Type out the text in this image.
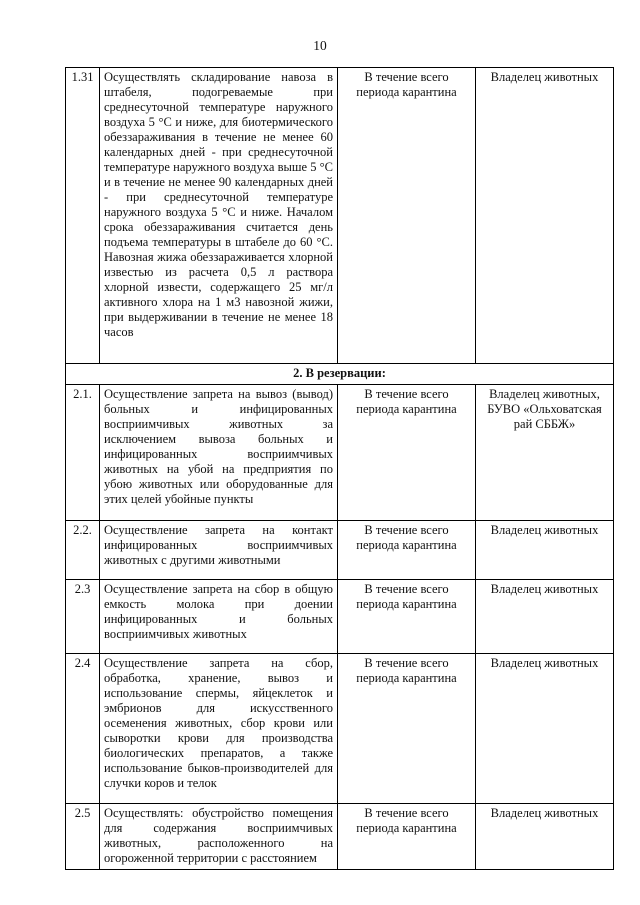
10
1.31	Осуществлять складирование навоза в штабеля, подогреваемые при среднесуточной температуре наружного воздуха 5 °С и ниже, для биотермического обеззараживания в течение не менее 60 календарных дней - при среднесуточной температуре наружного воздуха выше 5 °С и в течение не менее 90 календарных дней - при среднесуточной температуре наружного воздуха 5 °С и ниже. Началом срока обеззараживания считается день подъема температуры в штабеле до 60 °С. Навозная жижа обеззараживается хлорной известью из расчета 0,5 л раствора хлорной извести, содержащего 25 мг/л активного хлора на 1 м3 навозной жижи, при выдерживании в течение не менее 18 часов	В течение всего периода карантина	Владелец животных
2. В резервации:			
2.1.	Осуществление запрета на вывоз (вывод) больных и инфицированных восприимчивых животных за исключением вывоза больных и инфицированных восприимчивых животных на убой на предприятия по убою животных или оборудованные для этих целей убойные пункты	В течение всего периода карантина	Владелец животных, БУВО «Ольховатская рай СББЖ»
2.2.	Осуществление запрета на контакт инфицированных восприимчивых животных с другими животными	В течение всего периода карантина	Владелец животных
2.3	Осуществление запрета на сбор в общую емкость молока при доении инфицированных и больных восприимчивых животных	В течение всего периода карантина	Владелец животных
2.4	Осуществление запрета на сбор, обработка, хранение, вывоз и использование спермы, яйцеклеток и эмбрионов для искусственного осеменения животных, сбор крови или сыворотки крови для производства биологических препаратов, а также использование быков-производителей для случки коров и телок	В течение всего периода карантина	Владелец животных
2.5	Осуществлять: обустройство помещения для содержания восприимчивых животных, расположенного на огороженной территории с расстоянием	В течение всего периода карантина	Владелец животных
